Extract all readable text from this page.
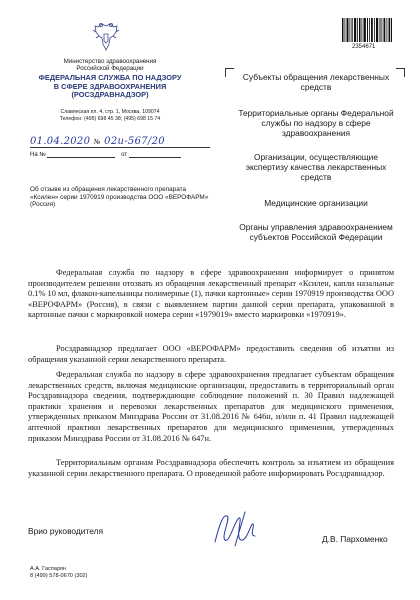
2354671
Министерство здравоохранения
Российской Федерации
ФЕДЕРАЛЬНАЯ СЛУЖБА ПО НАДЗОРУ
В СФЕРЕ ЗДРАВООХРАНЕНИЯ
(РОСЗДРАВНАДЗОР)
Славянская пл. 4, стр. 1, Москва, 109074
Телефон: (495) 698 45 38; (495) 698 15 74
01.04.2020 № 02и-567/20
На №	от
Об отзыве из обращения лекарственного препарата «Ксилен» серии 1970919 производства ООО «ВЕРОФАРМ» (Россия)
Субъекты обращения лекарственных средств
Территориальные органы Федеральной службы по надзору в сфере здравоохранения
Организации, осуществляющие экспертизу качества лекарственных средств
Медицинские организации
Органы управления здравоохранением субъектов Российской Федерации
Федеральная служба по надзору в сфере здравоохранения информирует о принятом производителем решении отозвать из обращения лекарственный препарат «Ксилен, капли назальные 0.1% 10 мл, флакон-капельницы полимерные (1), пачки картонные» серии 1970919 производства ООО «ВЕРОФАРМ» (Россия), в связи с выявлением партии данной серии препарата, упакованной в картонные пачки с маркировкой номера серии «1979019» вместо маркировки «1970919».
Росздравнадзор предлагает ООО «ВЕРОФАРМ» предоставить сведения об изъятии из обращения указанной серии лекарственного препарата.
Федеральная служба по надзору в сфере здравоохранения предлагает субъектам обращения лекарственных средств, включая медицинские организации, предоставить в территориальный орган Росздравнадзора сведения, подтверждающие соблюдение положений п. 30 Правил надлежащей практики хранения и перевозки лекарственных препаратов для медицинского применения, утвержденных приказом Минздрава России от 31.08.2016 № 646н, и/или п. 41 Правил надлежащей аптечной практики лекарственных препаратов для медицинского применения, утвержденных приказом Минздрава России от 31.08.2016 № 647н.
Территориальным органам Росздравнадзора обеспечить контроль за изъятием из обращения указанной серии лекарственного препарата. О проведенной работе информировать Росздравнадзор.
Врио руководителя
Д.В. Пархоменко
А.А. Гаспарян
8 (499) 578-0670 (302)
